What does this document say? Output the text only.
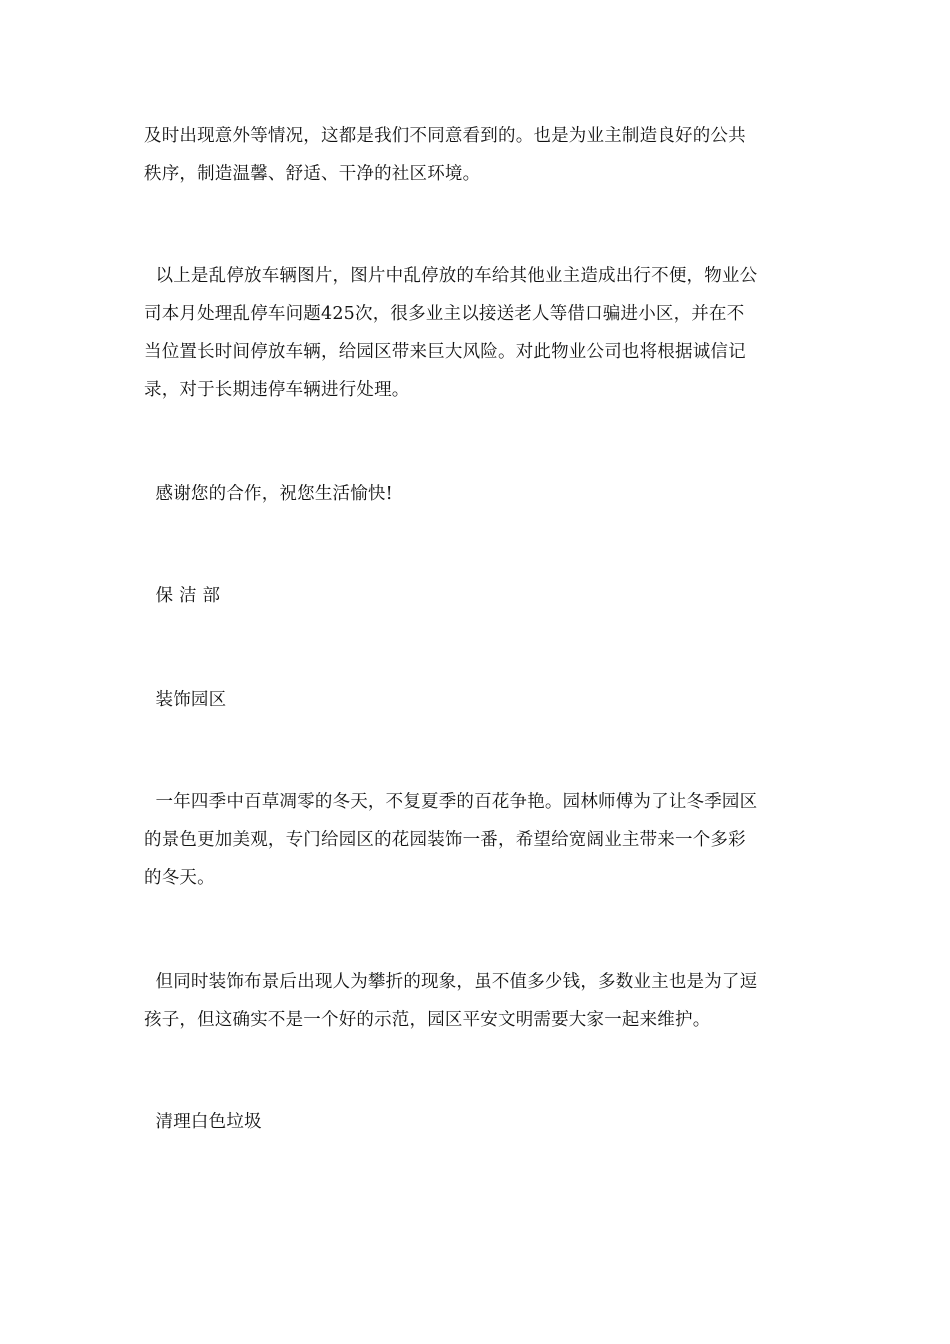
及时出现意外等情况，这都是我们不同意看到的。也是为业主制造良好的公共
秩序，制造温馨、舒适、干净的社区环境。
以上是乱停放车辆图片，图片中乱停放的车给其他业主造成出行不便，物业公
司本月处理乱停车问题425次，很多业主以接送老人等借口骗进小区，并在不
当位置长时间停放车辆，给园区带来巨大风险。对此物业公司也将根据诚信记
录，对于长期违停车辆进行处理。
感谢您的合作，祝您生活愉快!
保 洁 部
装饰园区
一年四季中百草凋零的冬天，不复夏季的百花争艳。园林师傅为了让冬季园区
的景色更加美观，专门给园区的花园装饰一番，希望给宽阔业主带来一个多彩
的冬天。
但同时装饰布景后出现人为攀折的现象，虽不值多少钱，多数业主也是为了逗
孩子，但这确实不是一个好的示范，园区平安文明需要大家一起来维护。
清理白色垃圾
